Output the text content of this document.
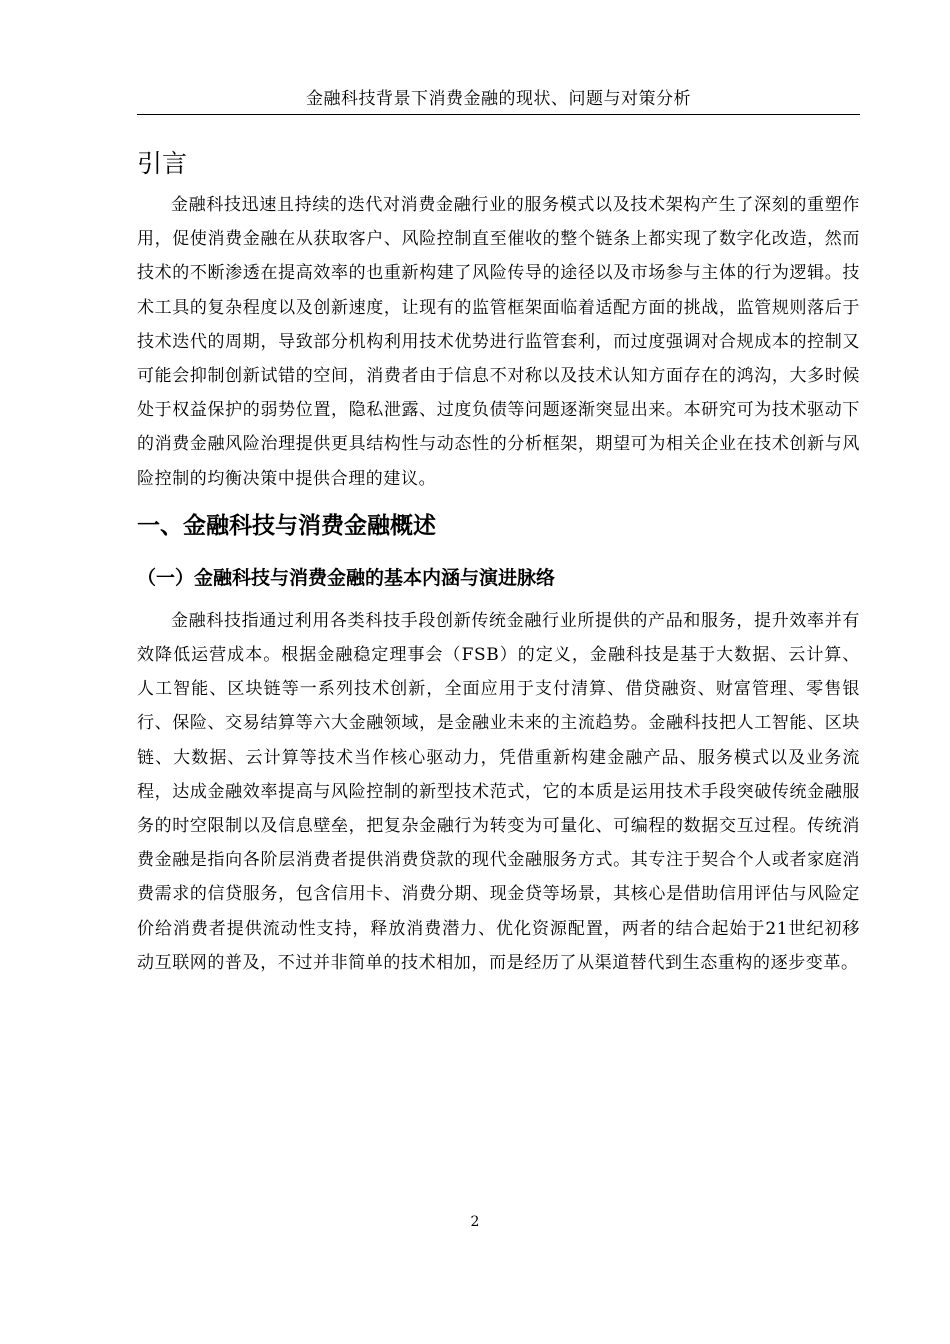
金融科技背景下消费金融的现状、问题与对策分析
引言

金融科技迅速且持续的迭代对消费金融行业的服务模式以及技术架构产生了深刻的重塑作用，促使消费金融在从获取客户、风险控制直至催收的整个链条上都实现了数字化改造，然而技术的不断渗透在提高效率的也重新构建了风险传导的途径以及市场参与主体的行为逻辑。技术工具的复杂程度以及创新速度，让现有的监管框架面临着适配方面的挑战，监管规则落后于技术迭代的周期，导致部分机构利用技术优势进行监管套利，而过度强调对合规成本的控制又可能会抑制创新试错的空间，消费者由于信息不对称以及技术认知方面存在的鸿沟，大多时候处于权益保护的弱势位置，隐私泄露、过度负债等问题逐渐突显出来。本研究可为技术驱动下的消费金融风险治理提供更具结构性与动态性的分析框架，期望可为相关企业在技术创新与风险控制的均衡决策中提供合理的建议。

一、金融科技与消费金融概述
（一）金融科技与消费金融的基本内涵与演进脉络

金融科技指通过利用各类科技手段创新传统金融行业所提供的产品和服务，提升效率并有效降低运营成本。根据金融稳定理事会（FSB）的定义，金融科技是基于大数据、云计算、人工智能、区块链等一系列技术创新，全面应用于支付清算、借贷融资、财富管理、零售银行、保险、交易结算等六大金融领域，是金融业未来的主流趋势。金融科技把人工智能、区块链、大数据、云计算等技术当作核心驱动力，凭借重新构建金融产品、服务模式以及业务流程，达成金融效率提高与风险控制的新型技术范式，它的本质是运用技术手段突破传统金融服务的时空限制以及信息壁垒，把复杂金融行为转变为可量化、可编程的数据交互过程。传统消费金融是指向各阶层消费者提供消费贷款的现代金融服务方式。其专注于契合个人或者家庭消费需求的信贷服务，包含信用卡、消费分期、现金贷等场景，其核心是借助信用评估与风险定价给消费者提供流动性支持，释放消费潜力、优化资源配置，两者的结合起始于21世纪初移动互联网的普及，不过并非简单的技术相加，而是经历了从渠道替代到生态重构的逐步变革。

2
